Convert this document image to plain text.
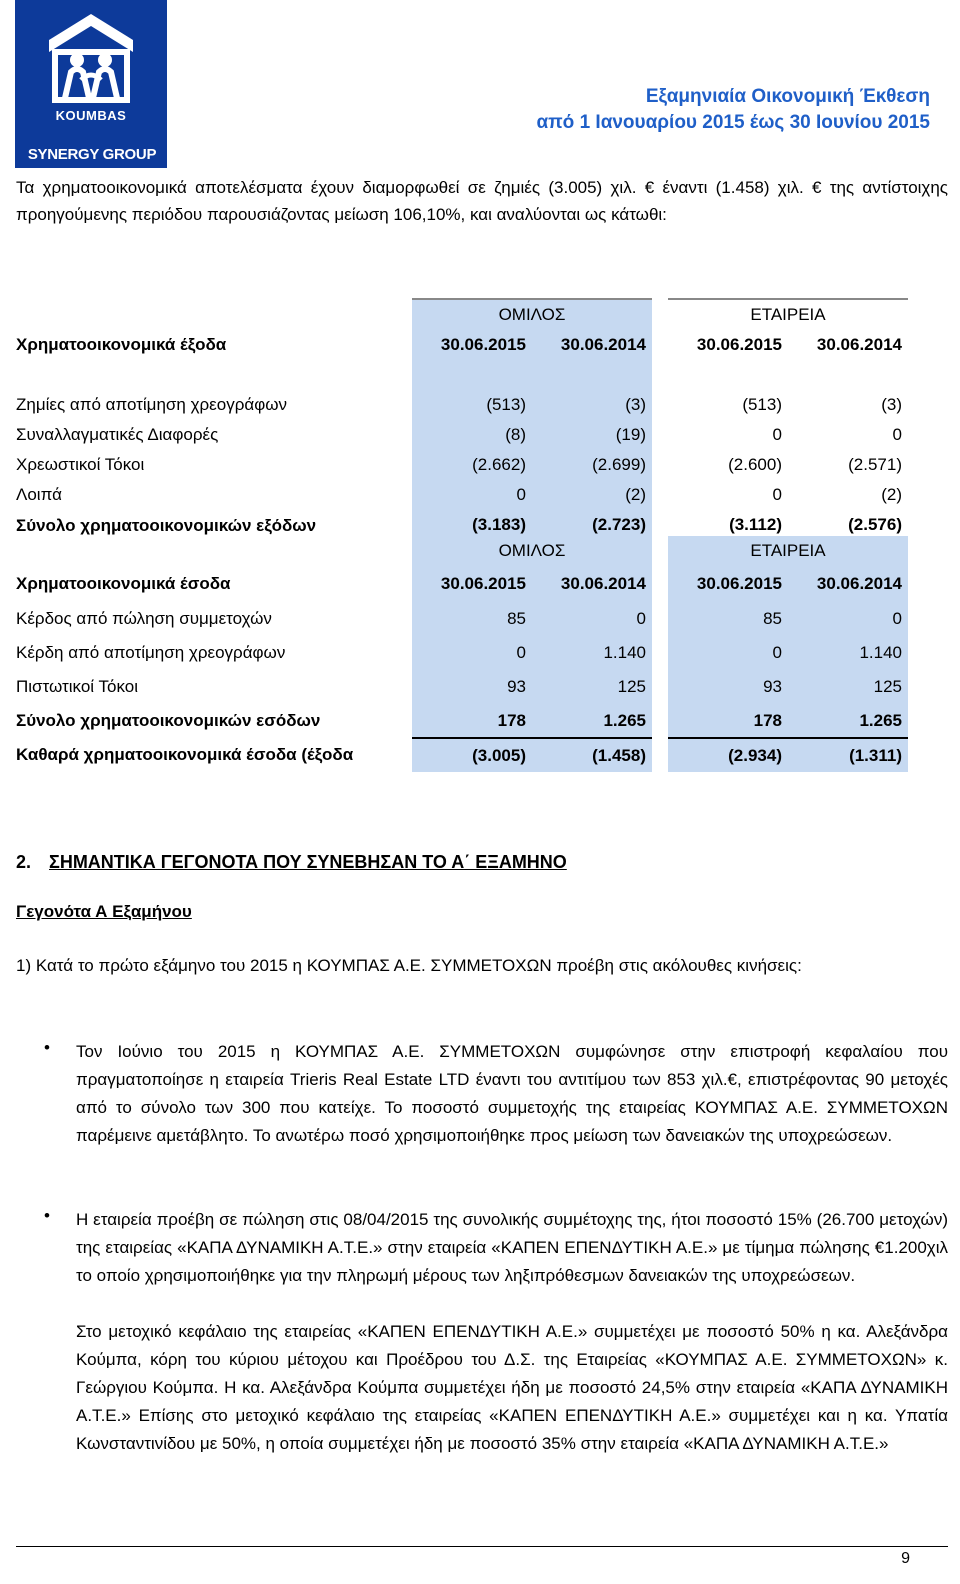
KOUMBAS
SYNERGY GROUP
Εξαμηνιαία Οικονομική Έκθεση
από 1 Ιανουαρίου 2015 έως 30 Ιουνίου 2015
Τα χρηματοοικονομικά αποτελέσματα έχουν διαμορφωθεί σε ζημιές (3.005) χιλ. € έναντι (1.458) χιλ. € της αντίστοιχης προηγούμενης περιόδου παρουσιάζοντας μείωση 106,10%, και αναλύονται ως κάτωθι:
	ΟΜΙΛΟΣ			ΕΤΑΙΡΕΙΑ	
Χρηματοοικονομικά έξοδα	30.06.2015	30.06.2014		30.06.2015	30.06.2014

Ζημίες από αποτίμηση χρεογράφων	(513)	(3)		(513)	(3)
Συναλλαγματικές Διαφορές	(8)	(19)		0	0
Χρεωστικοί Τόκοι	(2.662)	(2.699)		(2.600)	(2.571)
Λοιπά	0	(2)		0	(2)
Σύνολο χρηματοοικονομικών εξόδων	(3.183)	(2.723)		(3.112)	(2.576)
	ΟΜΙΛΟΣ			ΕΤΑΙΡΕΙΑ	
Χρηματοοικονομικά έσοδα	30.06.2015	30.06.2014		30.06.2015	30.06.2014
Κέρδος από πώληση συμμετοχών	85	0		85	0
Κέρδη από αποτίμηση χρεογράφων	0	1.140		0	1.140
Πιστωτικοί Τόκοι	93	125		93	125
Σύνολο χρηματοοικονομικών εσόδων	178	1.265		178	1.265
Καθαρά χρηματοοικονομικά έσοδα (έξοδα	(3.005)	(1.458)		(2.934)	(1.311)
2. ΣΗΜΑΝΤΙΚΑ ΓΕΓΟΝΟΤΑ ΠΟΥ ΣΥΝΕΒΗΣΑΝ ΤΟ Α΄ ΕΞΑΜΗΝΟ
Γεγονότα Α Εξαμήνου
1) Κατά το πρώτο εξάμηνο του 2015 η ΚΟΥΜΠΑΣ Α.Ε. ΣΥΜΜΕΤΟΧΩΝ προέβη στις ακόλουθες κινήσεις:
• Τον Ιούνιο του 2015 η ΚΟΥΜΠΑΣ Α.Ε. ΣΥΜΜΕΤΟΧΩΝ συμφώνησε στην επιστροφή κεφαλαίου που πραγματοποίησε η εταιρεία Trieris Real Estate LTD έναντι του αντιτίμου των 853 χιλ.€, επιστρέφοντας 90 μετοχές από το σύνολο των 300 που κατείχε. Το ποσοστό συμμετοχής της εταιρείας ΚΟΥΜΠΑΣ Α.Ε. ΣΥΜΜΕΤΟΧΩΝ παρέμεινε αμετάβλητο. Το ανωτέρω ποσό χρησιμοποιήθηκε προς μείωση των δανειακών της υποχρεώσεων.
• Η εταιρεία προέβη σε πώληση στις 08/04/2015 της συνολικής συμμέτοχης της, ήτοι ποσοστό 15% (26.700 μετοχών) της εταιρείας «ΚΑΠΑ ΔΥΝΑΜΙΚΗ Α.Τ.Ε.» στην εταιρεία «ΚΑΠΕΝ ΕΠΕΝΔΥΤΙΚΗ Α.Ε.» με τίμημα πώλησης €1.200χιλ το οποίο χρησιμοποιήθηκε για την πληρωμή μέρους των ληξιπρόθεσμων δανειακών της υποχρεώσεων.
Στο μετοχικό κεφάλαιο της εταιρείας «ΚΑΠΕΝ ΕΠΕΝΔΥΤΙΚΗ Α.Ε.» συμμετέχει με ποσοστό 50% η κα. Αλεξάνδρα Κούμπα, κόρη του κύριου μέτοχου και Προέδρου του Δ.Σ. της Εταιρείας «ΚΟΥΜΠΑΣ Α.Ε. ΣΥΜΜΕΤΟΧΩΝ» κ. Γεώργιου Κούμπα. Η κα. Αλεξάνδρα Κούμπα συμμετέχει ήδη με ποσοστό 24,5% στην εταιρεία «ΚΑΠΑ ΔΥΝΑΜΙΚΗ Α.Τ.Ε.» Επίσης στο μετοχικό κεφάλαιο της εταιρείας «ΚΑΠΕΝ ΕΠΕΝΔΥΤΙΚΗ Α.Ε.» συμμετέχει και η κα. Υπατία Κωνσταντινίδου με 50%, η οποία συμμετέχει ήδη με ποσοστό 35% στην εταιρεία «ΚΑΠΑ ΔΥΝΑΜΙΚΗ Α.Τ.Ε.»
9
